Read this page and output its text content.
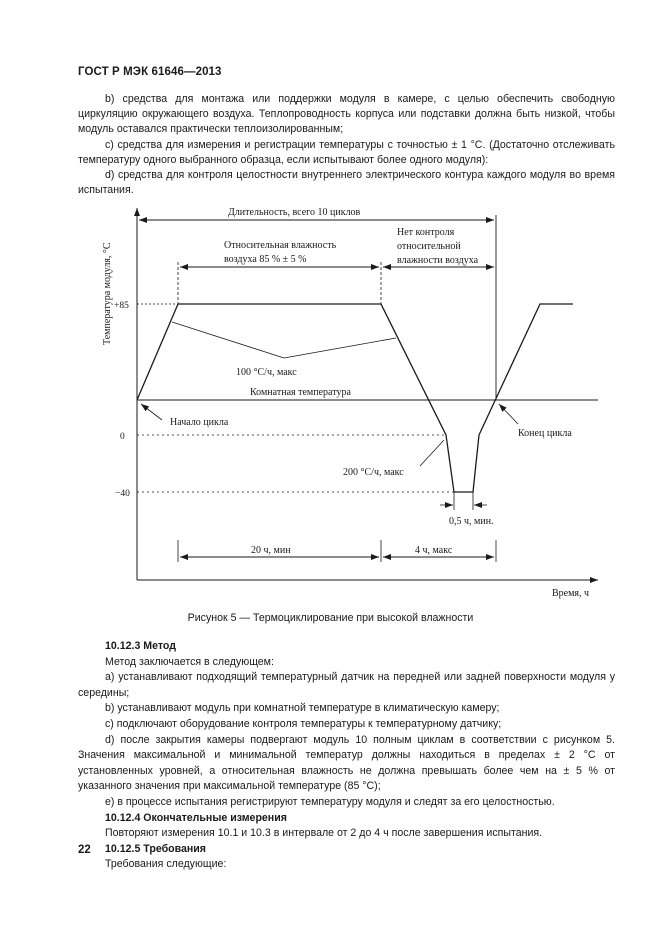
ГОСТ Р МЭК 61646—2013

b) средства для монтажа или поддержки модуля в камере, с целью обеспечить свободную циркуляцию окружающего воздуха. Теплопроводность корпуса или подставки должна быть низкой, чтобы модуль оставался практически теплоизолированным;

c) средства для измерения и регистрации температуры с точностью ± 1 °C. (Достаточно отслеживать температуру одного выбранного образца, если испытывают более одного модуля):

d) средства для контроля целостности внутреннего электрического контура каждого модуля во время испытания.

+85
0
−40
Температура модуля, °C
Время, ч
Комнатная температура
Длительность, всего 10 циклов
Относительная влажность
воздуха 85 % ± 5 %
Нет контроля
относительной
влажности воздуха
100 °C/ч, макс
Начало цикла
Конец цикла
200 °C/ч, макс
0,5 ч, мин.
20 ч, мин	4 ч, макс
Рисунок 5 — Термоциклирование при высокой влажности

10.12.3 Метод

Метод заключается в следующем:

a) устанавливают подходящий температурный датчик на передней или задней поверхности модуля у середины;

b) устанавливают модуль при комнатной температуре в климатическую камеру;

c) подключают оборудование контроля температуры к температурному датчику;

d) после закрытия камеры подвергают модуль 10 полным циклам в соответствии с рисунком 5. Значения максимальной и минимальной температур должны находиться в пределах ± 2 °C от установленных уровней, а относительная влажность не должна превышать более чем на ± 5 % от указанного значения при максимальной температуре (85 °C);

e) в процессе испытания регистрируют температуру модуля и следят за его целостностью.

10.12.4 Окончательные измерения

Повторяют измерения 10.1 и 10.3 в интервале от 2 до 4 ч после завершения испытания.

10.12.5 Требования

Требования следующие:

22
